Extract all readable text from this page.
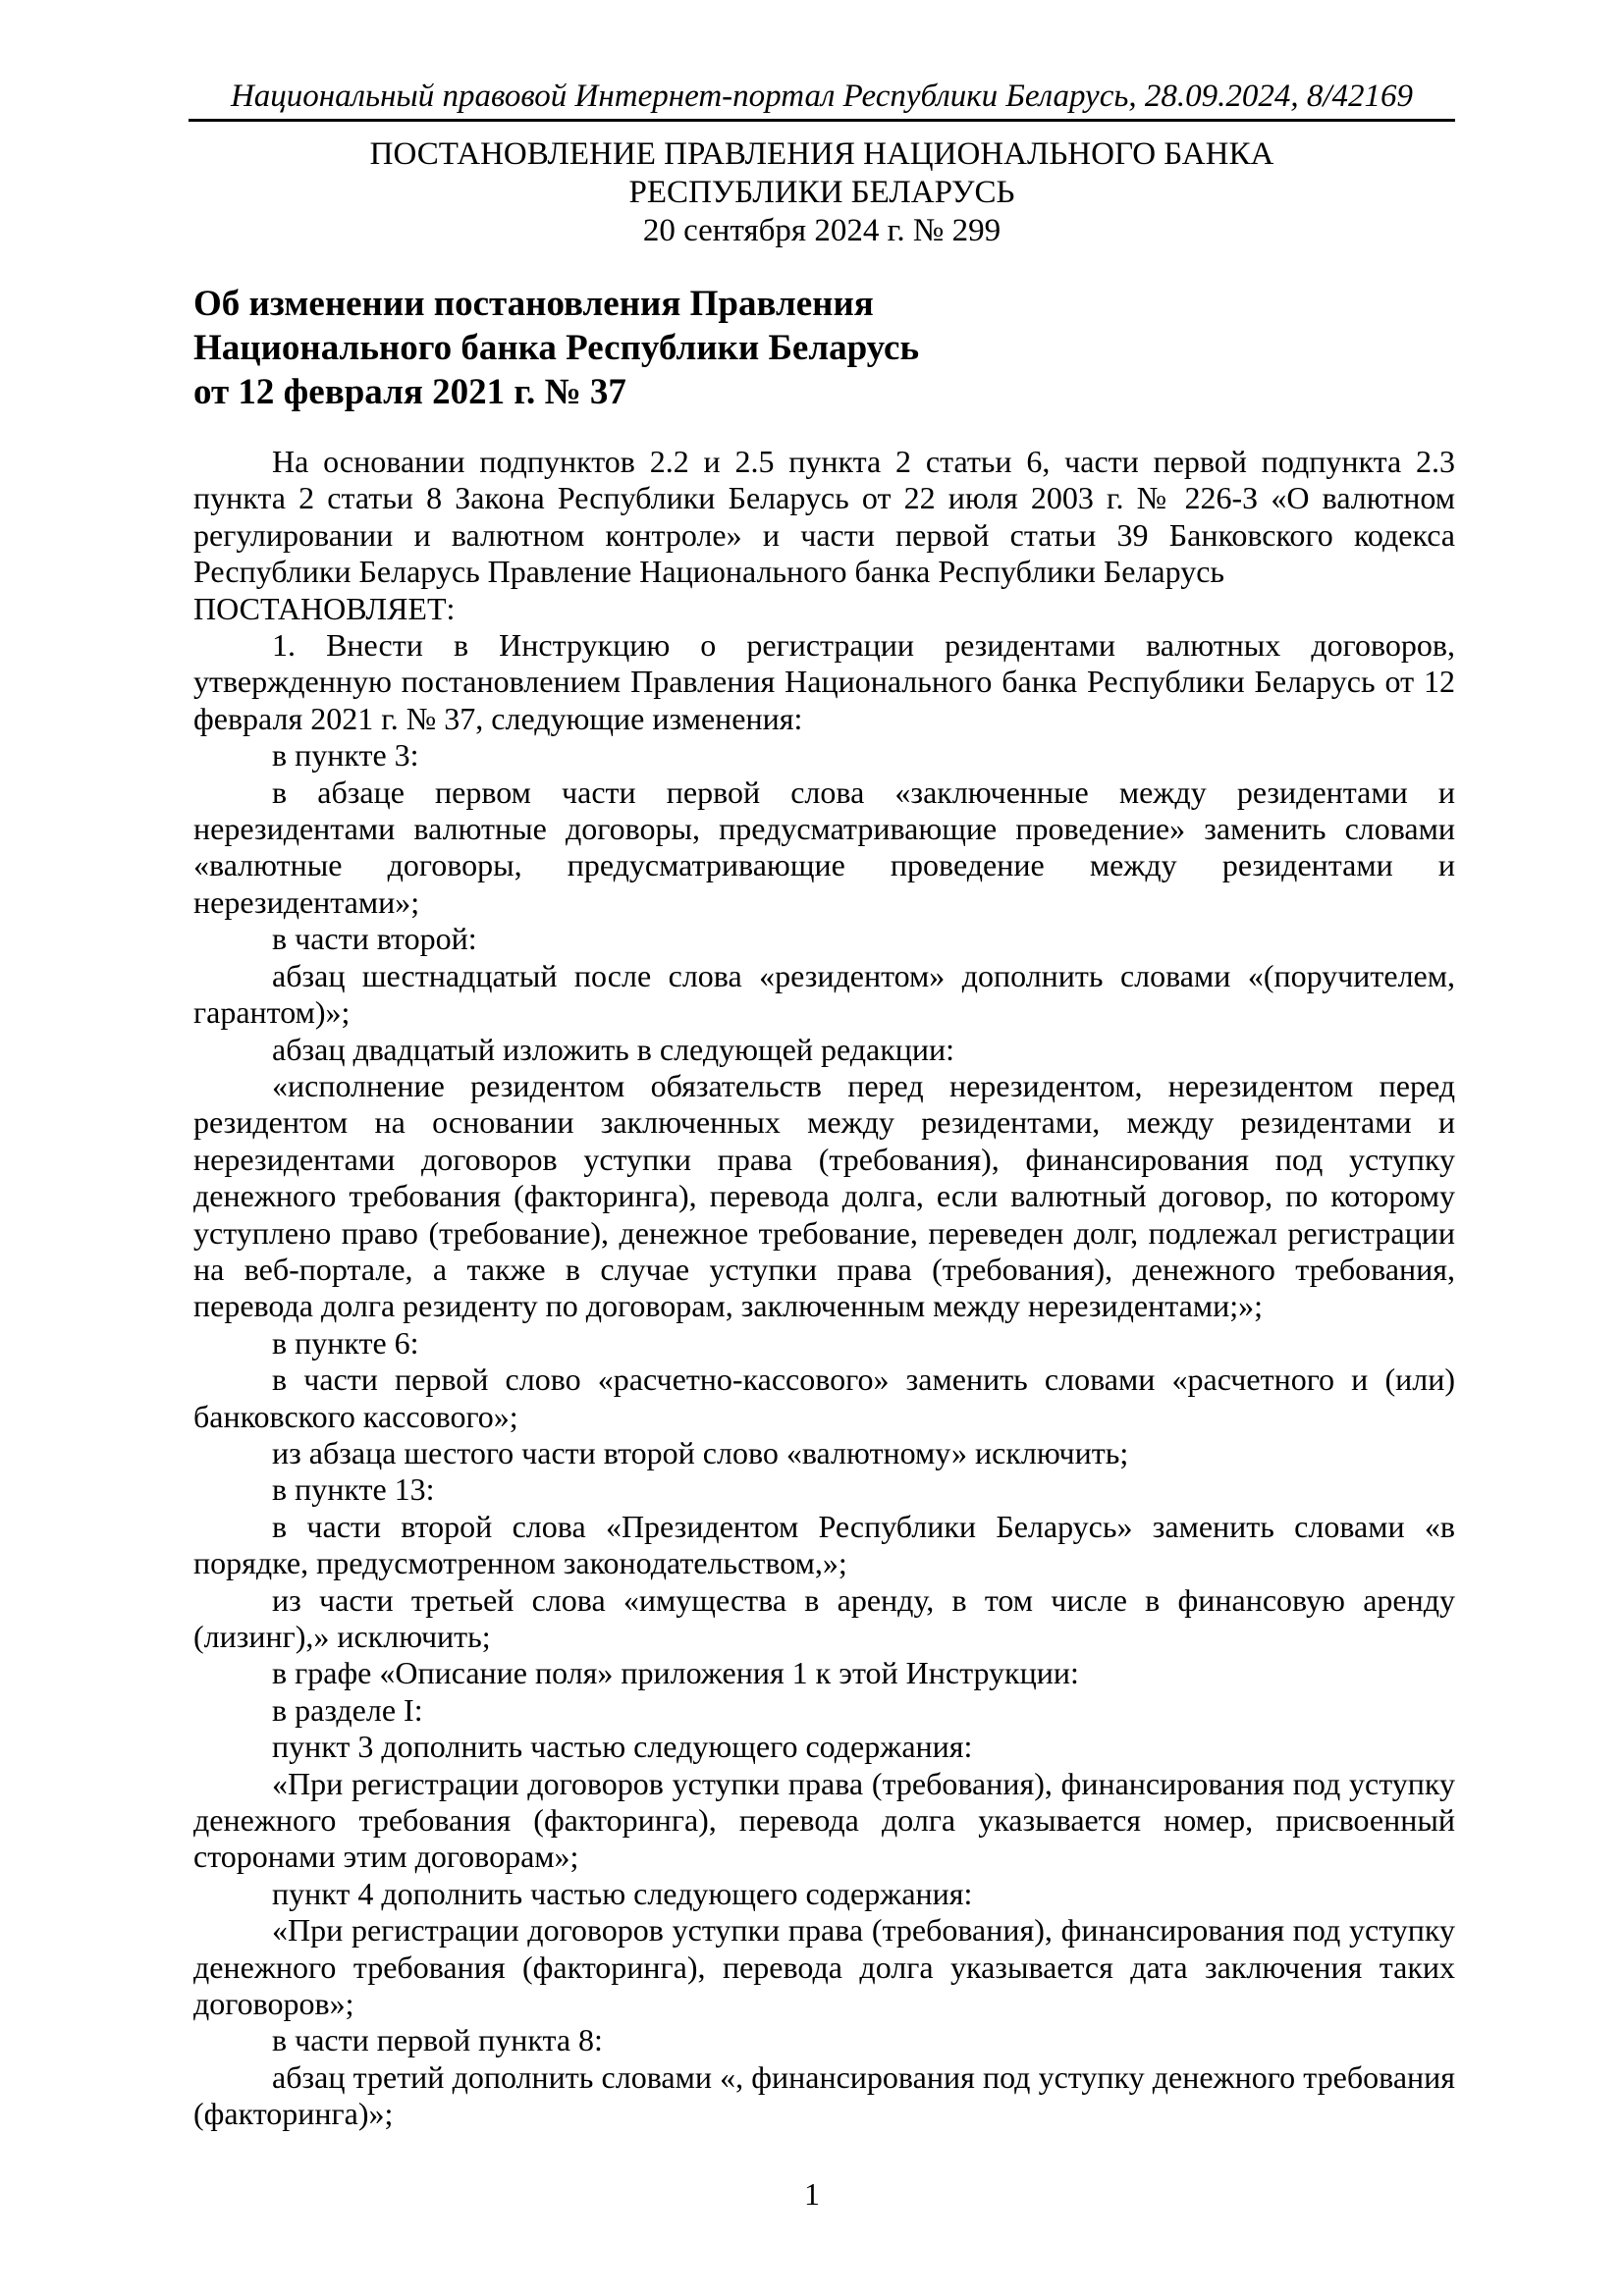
Национальный правовой Интернет-портал Республики Беларусь, 28.09.2024, 8/42169
ПОСТАНОВЛЕНИЕ ПРАВЛЕНИЯ НАЦИОНАЛЬНОГО БАНКА
РЕСПУБЛИКИ БЕЛАРУСЬ
20 сентября 2024 г. № 299
Об изменении постановления Правления
Национального банка Республики Беларусь
от 12 февраля 2021 г. № 37

На основании подпунктов 2.2 и 2.5 пункта 2 статьи 6, части первой подпункта 2.3 пункта 2 статьи 8 Закона Республики Беларусь от 22 июля 2003 г. № 226-З «О валютном регулировании и валютном контроле» и части первой статьи 39 Банковского кодекса Республики Беларусь Правление Национального банка Республики Беларусь

ПОСТАНОВЛЯЕТ:

1. Внести в Инструкцию о регистрации резидентами валютных договоров, утвержденную постановлением Правления Национального банка Республики Беларусь от 12 февраля 2021 г. № 37, следующие изменения:

в пункте 3:

в абзаце первом части первой слова «заключенные между резидентами и нерезидентами валютные договоры, предусматривающие проведение» заменить словами «валютные договоры, предусматривающие проведение между резидентами и нерезидентами»;

в части второй:

абзац шестнадцатый после слова «резидентом» дополнить словами «(поручителем, гарантом)»;

абзац двадцатый изложить в следующей редакции:

«исполнение резидентом обязательств перед нерезидентом, нерезидентом перед резидентом на основании заключенных между резидентами, между резидентами и нерезидентами договоров уступки права (требования), финансирования под уступку денежного требования (факторинга), перевода долга, если валютный договор, по которому уступлено право (требование), денежное требование, переведен долг, подлежал регистрации на веб-портале, а также в случае уступки права (требования), денежного требования, перевода долга резиденту по договорам, заключенным между нерезидентами;»;

в пункте 6:

в части первой слово «расчетно-кассового» заменить словами «расчетного и (или) банковского кассового»;

из абзаца шестого части второй слово «валютному» исключить;

в пункте 13:

в части второй слова «Президентом Республики Беларусь» заменить словами «в порядке, предусмотренном законодательством,»;

из части третьей слова «имущества в аренду, в том числе в финансовую аренду (лизинг),» исключить;

в графе «Описание поля» приложения 1 к этой Инструкции:

в разделе I:

пункт 3 дополнить частью следующего содержания:

«При регистрации договоров уступки права (требования), финансирования под уступку денежного требования (факторинга), перевода долга указывается номер, присвоенный сторонами этим договорам»;

пункт 4 дополнить частью следующего содержания:

«При регистрации договоров уступки права (требования), финансирования под уступку денежного требования (факторинга), перевода долга указывается дата заключения таких договоров»;

в части первой пункта 8:

абзац третий дополнить словами «, финансирования под уступку денежного требования (факторинга)»;

1
